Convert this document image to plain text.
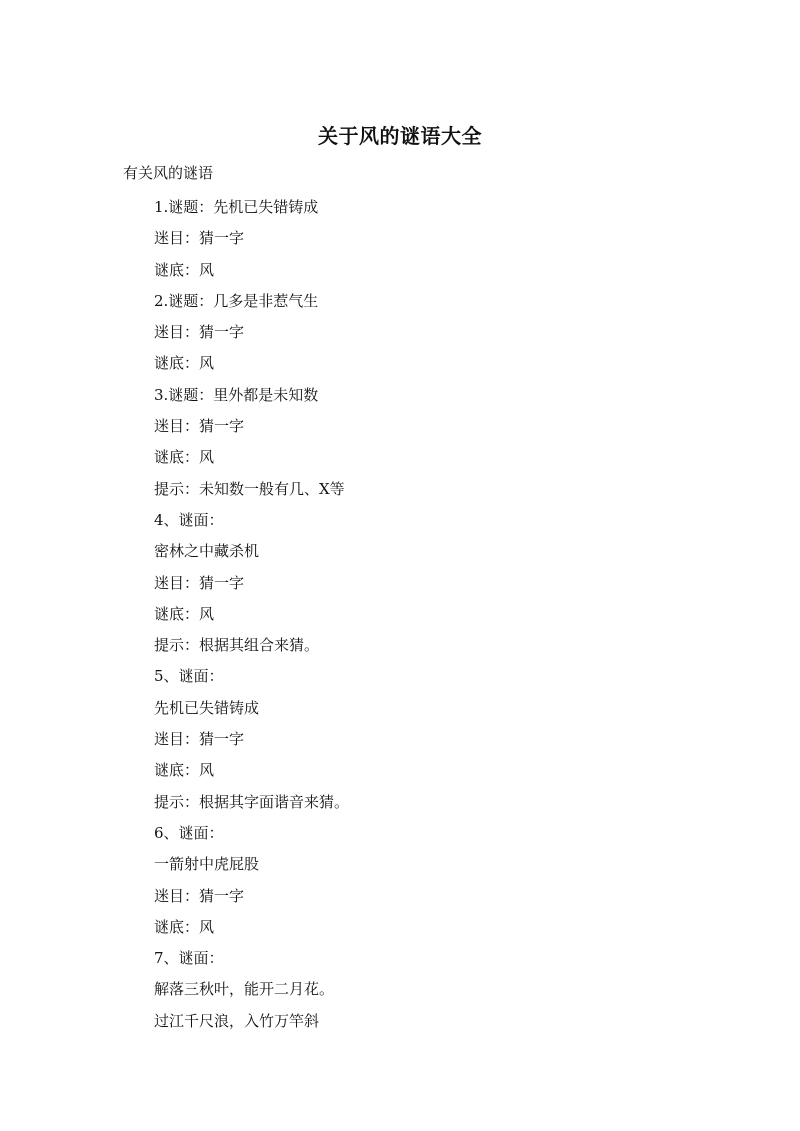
关于风的谜语大全

有关风的谜语

1.谜题：先机已失错铸成
迷目：猜一字
谜底：风
2.谜题：几多是非惹气生
迷目：猜一字
谜底：风
3.谜题：里外都是未知数
迷目：猜一字
谜底：风
提示：未知数一般有几、X等
4、谜面：
密林之中藏杀机
迷目：猜一字
谜底：风
提示：根据其组合来猜。
5、谜面：
先机已失错铸成
迷目：猜一字
谜底：风
提示：根据其字面谐音来猜。
6、谜面：
一箭射中虎屁股
迷目：猜一字
谜底：风
7、谜面：
解落三秋叶，能开二月花。
过江千尺浪，入竹万竿斜
